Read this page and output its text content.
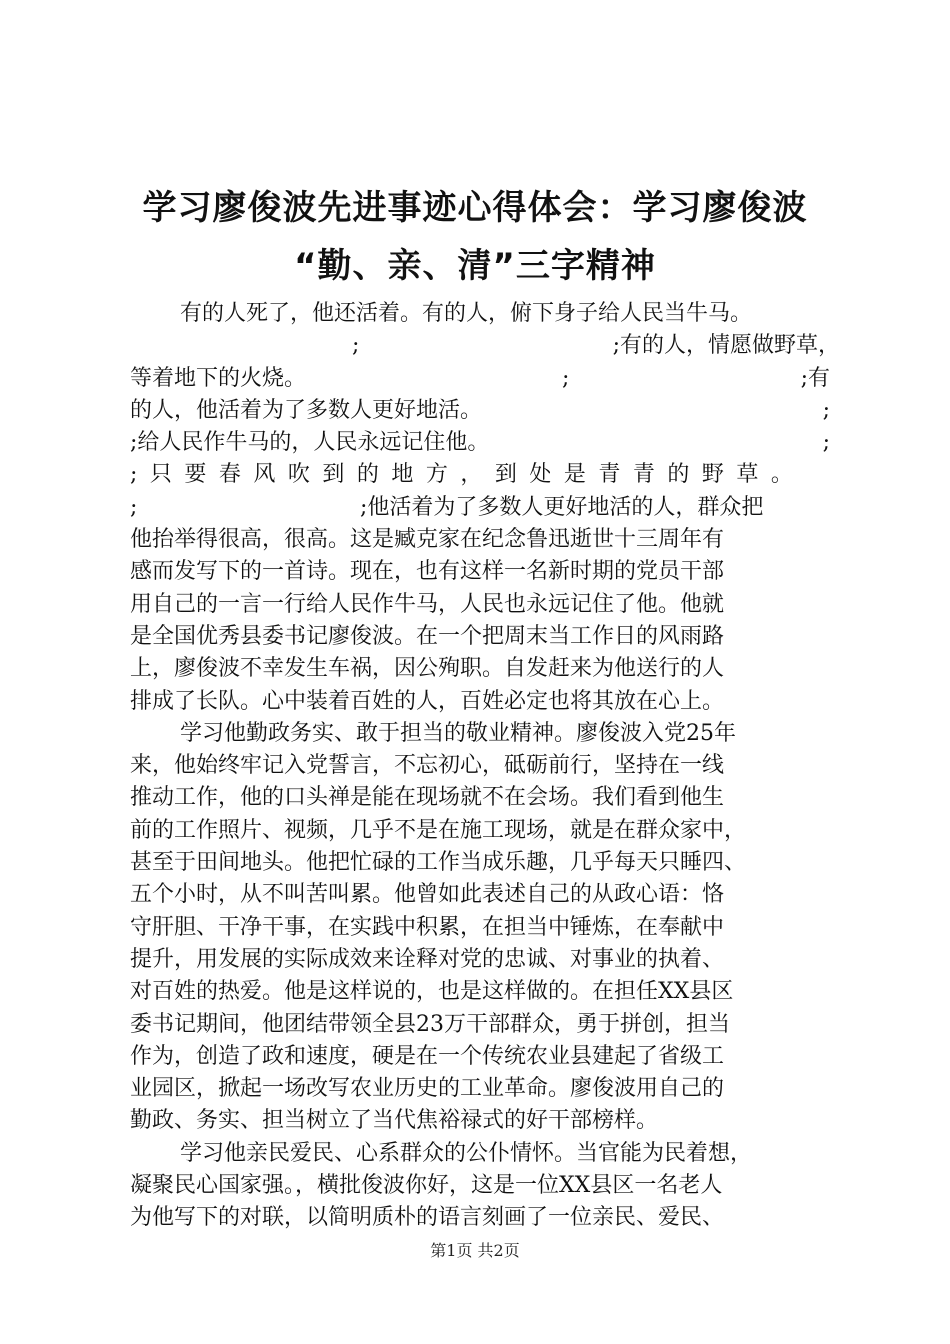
学习廖俊波先进事迹心得体会：学习廖俊波
“勤、亲、清”三字精神
有的人死了，他还活着。有的人，俯下身子给人民当牛马。
;	;有的人，情愿做野草，
等着地下的火烧。	;	;有
的人，他活着为了多数人更好地活。	;
;给人民作牛马的，人民永远记住他。	;
;只要春风吹到的地方，到处是青青的野草。
;	;他活着为了多数人更好地活的人，群众把
他抬举得很高，很高。这是臧克家在纪念鲁迅逝世十三周年有
感而发写下的一首诗。现在，也有这样一名新时期的党员干部
用自己的一言一行给人民作牛马，人民也永远记住了他。他就
是全国优秀县委书记廖俊波。在一个把周末当工作日的风雨路
上，廖俊波不幸发生车祸，因公殉职。自发赶来为他送行的人
排成了长队。心中装着百姓的人，百姓必定也将其放在心上。
学习他勤政务实、敢于担当的敬业精神。廖俊波入党25年
来，他始终牢记入党誓言，不忘初心，砥砺前行，坚持在一线
推动工作，他的口头禅是能在现场就不在会场。我们看到他生
前的工作照片、视频，几乎不是在施工现场，就是在群众家中，
甚至于田间地头。他把忙碌的工作当成乐趣，几乎每天只睡四、
五个小时，从不叫苦叫累。他曾如此表述自己的从政心语：恪
守肝胆、干净干事，在实践中积累，在担当中锤炼，在奉献中
提升，用发展的实际成效来诠释对党的忠诚、对事业的执着、
对百姓的热爱。他是这样说的，也是这样做的。在担任XX县区
委书记期间，他团结带领全县23万干部群众，勇于拼创，担当
作为，创造了政和速度，硬是在一个传统农业县建起了省级工
业园区，掀起一场改写农业历史的工业革命。廖俊波用自己的
勤政、务实、担当树立了当代焦裕禄式的好干部榜样。
学习他亲民爱民、心系群众的公仆情怀。当官能为民着想，
凝聚民心国家强。，横批俊波你好，这是一位XX县区一名老人
为他写下的对联，以简明质朴的语言刻画了一位亲民、爱民、
第1页 共2页
